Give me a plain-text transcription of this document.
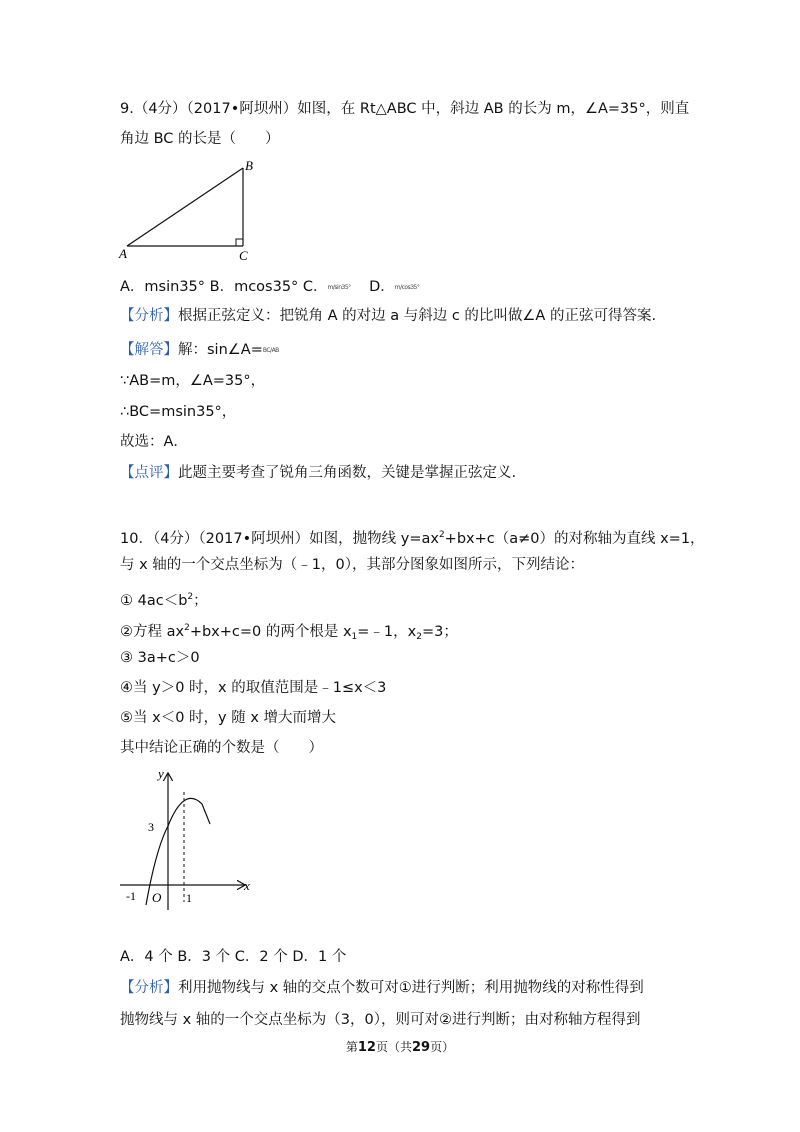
9.（4分）（2017•阿坝州）如图，在 Rt△ABC 中，斜边 AB 的长为 m，∠A=35°，则直
角边 BC 的长是（　　）
B
A	C
A．msin35° B．mcos35° C．m/sin35° D．m/cos35°
【分析】根据正弦定义：把锐角 A 的对边 a 与斜边 c 的比叫做∠A 的正弦可得答案.
【解答】解：sin∠A=BC/AB
∵AB=m，∠A=35°，
∴BC=msin35°，
故选：A．
【点评】此题主要考查了锐角三角函数，关键是掌握正弦定义.
10．（4分）（2017•阿坝州）如图，抛物线 $y=ax^2+bx+c(a\ne 0)$的对称轴为直线 x=1，
与 x 轴的一个交点坐标为（﹣1，0），其部分图象如图所示，下列结论：
① $4ac<b^2$；
②方程 $ax^2+bx+c=0$ 的两个根是 $x_1=﹣1$，$x_2=3$；
③ 3a+c＞0
④当 y＞0 时，x 的取值范围是﹣1≤x＜3
⑤当 x＜0 时，y 随 x 增大而增大
其中结论正确的个数是（　　）
y
x
3
-1 O 1
A．4 个 B．3 个 C．2 个 D．1 个
【分析】利用抛物线与 x 轴的交点个数可对①进行判断；利用抛物线的对称性得到
抛物线与 x 轴的一个交点坐标为（3，0），则可对②进行判断；由对称轴方程得到
第12页（共29页）
